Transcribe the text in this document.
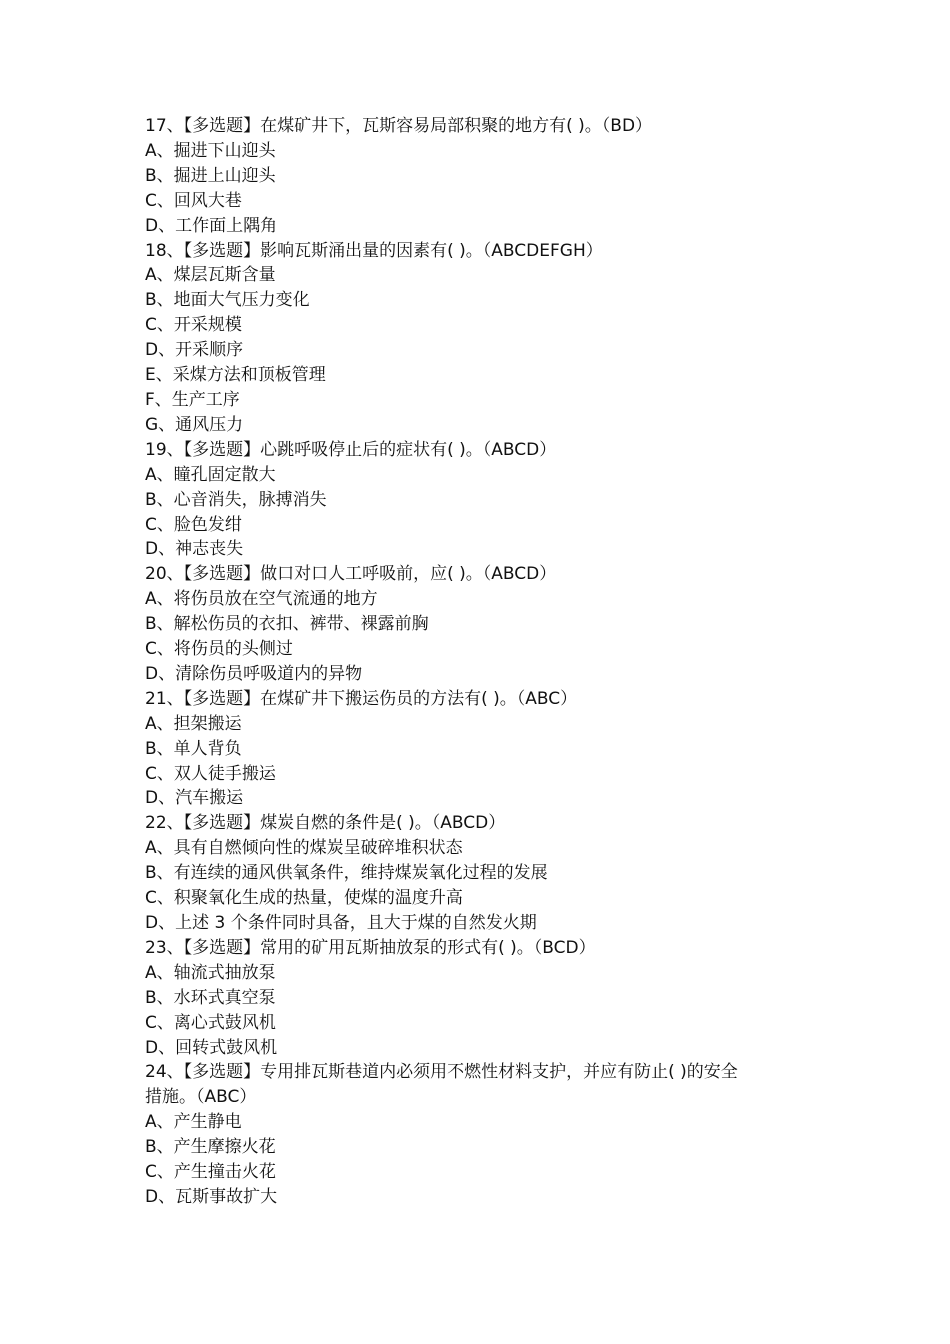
17、【多选题】在煤矿井下，瓦斯容易局部积聚的地方有( )。（BD）
A、掘进下山迎头
B、掘进上山迎头
C、回风大巷
D、工作面上隅角
18、【多选题】影响瓦斯涌出量的因素有( )。（ABCDEFGH）
A、煤层瓦斯含量
B、地面大气压力变化
C、开采规模
D、开采顺序
E、采煤方法和顶板管理
F、生产工序
G、通风压力
19、【多选题】心跳呼吸停止后的症状有( )。（ABCD）
A、瞳孔固定散大
B、心音消失，脉搏消失
C、脸色发绀
D、神志丧失
20、【多选题】做口对口人工呼吸前，应( )。（ABCD）
A、将伤员放在空气流通的地方
B、解松伤员的衣扣、裤带、裸露前胸
C、将伤员的头侧过
D、清除伤员呼吸道内的异物
21、【多选题】在煤矿井下搬运伤员的方法有( )。（ABC）
A、担架搬运
B、单人背负
C、双人徒手搬运
D、汽车搬运
22、【多选题】煤炭自燃的条件是( )。（ABCD）
A、具有自燃倾向性的煤炭呈破碎堆积状态
B、有连续的通风供氧条件，维持煤炭氧化过程的发展
C、积聚氧化生成的热量，使煤的温度升高
D、上述 3 个条件同时具备，且大于煤的自然发火期
23、【多选题】常用的矿用瓦斯抽放泵的形式有( )。（BCD）
A、轴流式抽放泵
B、水环式真空泵
C、离心式鼓风机
D、回转式鼓风机
24、【多选题】专用排瓦斯巷道内必须用不燃性材料支护，并应有防止( )的安全
措施。（ABC）
A、产生静电
B、产生摩擦火花
C、产生撞击火花
D、瓦斯事故扩大
